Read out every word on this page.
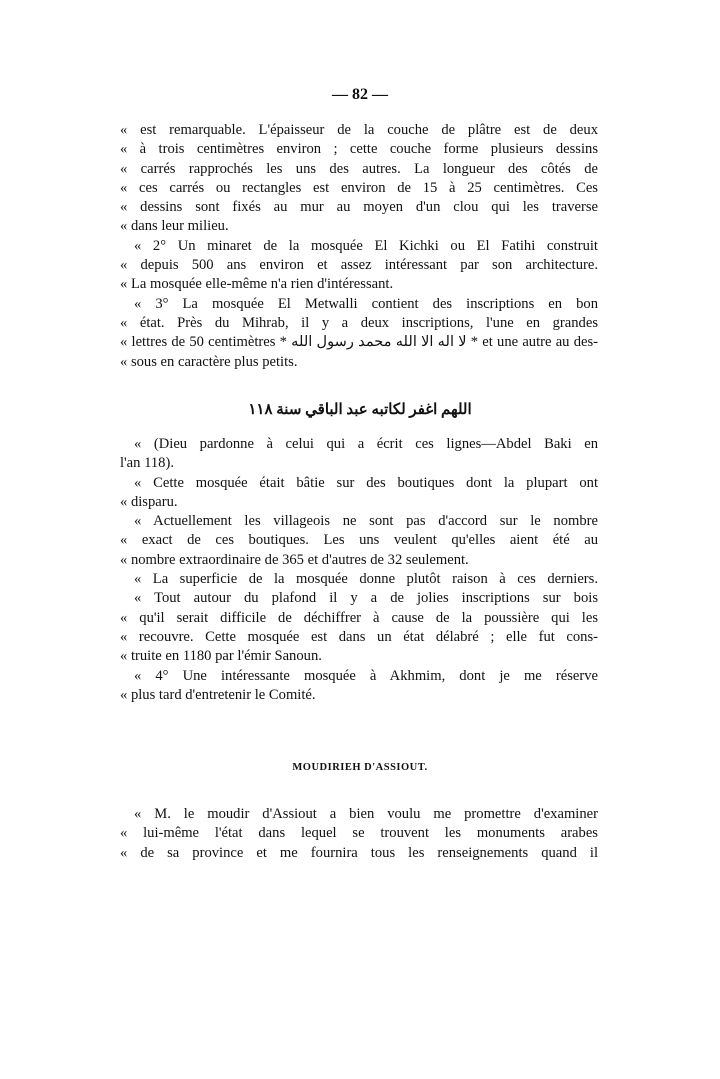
— 82 —
« est remarquable. L'épaisseur de la couche de plâtre est de deux
« à trois centimètres environ ; cette couche forme plusieurs dessins
« carrés rapprochés les uns des autres. La longueur des côtés de
« ces carrés ou rectangles est environ de 15 à 25 centimètres. Ces
« dessins sont fixés au mur au moyen d'un clou qui les traverse
« dans leur milieu.
« 2° Un minaret de la mosquée El Kichki ou El Fatihi construit
« depuis 500 ans environ et assez intéressant par son architecture.
« La mosquée elle-même n'a rien d'intéressant.
« 3° La mosquée El Metwalli contient des inscriptions en bon
« état. Près du Mihrab, il y a deux inscriptions, l'une en grandes
« lettres de 50 centimètres * لا اله الا الله محمد رسول الله * et une autre au des-
« sous en caractère plus petits.
اللهم اغفر لكاتبه عبد الباقي سنة ١١٨
« (Dieu pardonne à celui qui a écrit ces lignes—Abdel Baki en
l'an 118).
« Cette mosquée était bâtie sur des boutiques dont la plupart ont
« disparu.
« Actuellement les villageois ne sont pas d'accord sur le nombre
« exact de ces boutiques. Les uns veulent qu'elles aient été au
« nombre extraordinaire de 365 et d'autres de 32 seulement.
« La superficie de la mosquée donne plutôt raison à ces derniers.
« Tout autour du plafond il y a de jolies inscriptions sur bois
« qu'il serait difficile de déchiffrer à cause de la poussière qui les
« recouvre. Cette mosquée est dans un état délabré ; elle fut cons-
« truite en 1180 par l'émir Sanoun.
« 4° Une intéressante mosquée à Akhmim, dont je me réserve
« plus tard d'entretenir le Comité.
MOUDIRIEH D'ASSIOUT.
« M. le moudir d'Assiout a bien voulu me promettre d'examiner
« lui-même l'état dans lequel se trouvent les monuments arabes
« de sa province et me fournira tous les renseignements quand il
